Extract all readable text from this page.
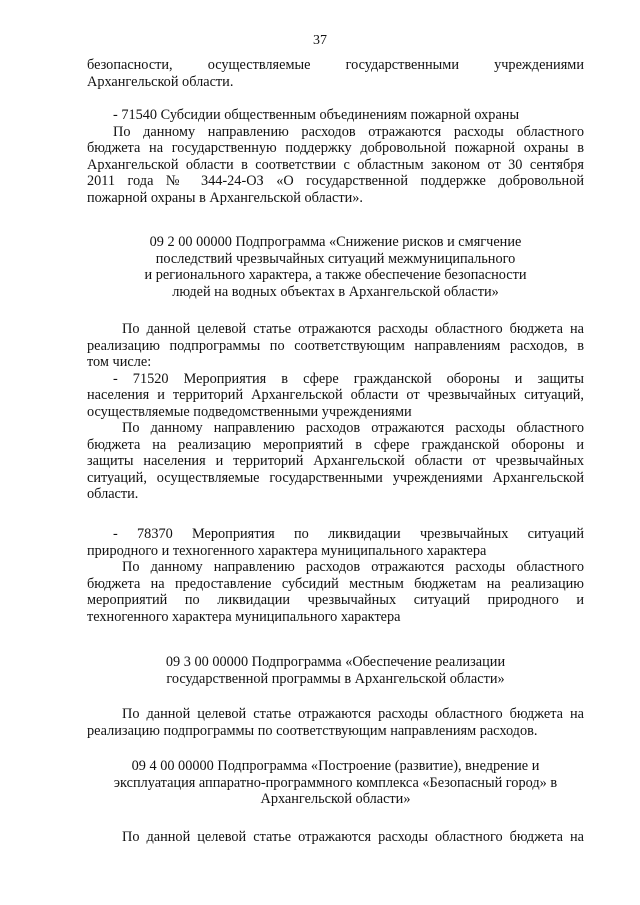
37

безопасности, осуществляемые государственными учреждениями

Архангельской области.

- 71540 Субсидии общественным объединениям пожарной охраны

По данному направлению расходов отражаются расходы областного

бюджета на государственную поддержку добровольной пожарной охраны в

Архангельской области в соответствии с областным законом от 30 сентября

2011 года № 344-24-ОЗ «О государственной поддержке добровольной

пожарной охраны в Архангельской области».

09 2 00 00000 Подпрограмма «Снижение рисков и смягчение

последствий чрезвычайных ситуаций межмуниципального

и регионального характера, а также обеспечение безопасности

людей на водных объектах в Архангельской области»

По данной целевой статье отражаются расходы областного бюджета на

реализацию подпрограммы по соответствующим направлениям расходов, в

том числе:

- 71520 Мероприятия в сфере гражданской обороны и защиты

населения и территорий Архангельской области от чрезвычайных ситуаций,

осуществляемые подведомственными учреждениями

По данному направлению расходов отражаются расходы областного

бюджета на реализацию мероприятий в сфере гражданской обороны и

защиты населения и территорий Архангельской области от чрезвычайных

ситуаций, осуществляемые государственными учреждениями Архангельской

области.

- 78370 Мероприятия по ликвидации чрезвычайных ситуаций

природного и техногенного характера муниципального характера

По данному направлению расходов отражаются расходы областного

бюджета на предоставление субсидий местным бюджетам на реализацию

мероприятий по ликвидации чрезвычайных ситуаций природного и

техногенного характера муниципального характера

09 3 00 00000 Подпрограмма «Обеспечение реализации

государственной программы в Архангельской области»

По данной целевой статье отражаются расходы областного бюджета на

реализацию подпрограммы по соответствующим направлениям расходов.

09 4 00 00000 Подпрограмма «Построение (развитие), внедрение и

эксплуатация аппаратно-программного комплекса «Безопасный город» в

Архангельской области»

По данной целевой статье отражаются расходы областного бюджета на
